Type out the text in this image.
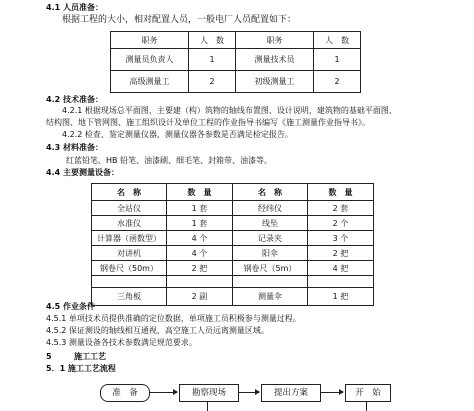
4.1 人员准备：
根据工程的大小，相对配置人员，一般电厂人员配置如下：
职务	人　数	职务	人　数
测量员负责人	1	测量技术员	1
高级测量工	2	初级测量工	2
4.2 技术准备：
4.2.1 根据现场总平面图，主要建（构）筑物的轴线布置图、设计说明，建筑物的基础平面图、
结构图、地下管网图、施工组织设计及单位工程的作业指导书编写《施工测量作业指导书》。
4.2.2 检查、鉴定测量仪器，测量仪器各参数是否满足检定报告。
4.3 材料准备：
红蓝铅笔、HB 铅笔、油漆刷、细毛笔、封箱带、油漆等。
4.4 主要测量设备：
名　称	数　量	名　称	数　量
全站仪	1 套	经纬仪	2 套
水准仪	1 套	线坠	2 个
计算器（函数型）	4 个	记录夹	3 个
对讲机	4 个	阳伞	2 把
钢卷尺（50m）	2 把	钢卷尺（5m）	4 把

三角板	2 副	测量伞	1 把
4.5 作业条件
4.5.1 单项技术员提供准确的定位数据，单项施工员积极参与测量过程。
4.5.2 保证测设的轴线相互通视，高空施工人员远离测量区域。
4.5.3 测量设备各技术参数满足规范要求。
5	施工工艺
5．1 施工工艺流程
准　备	勘察现场	提出方案	开　始
